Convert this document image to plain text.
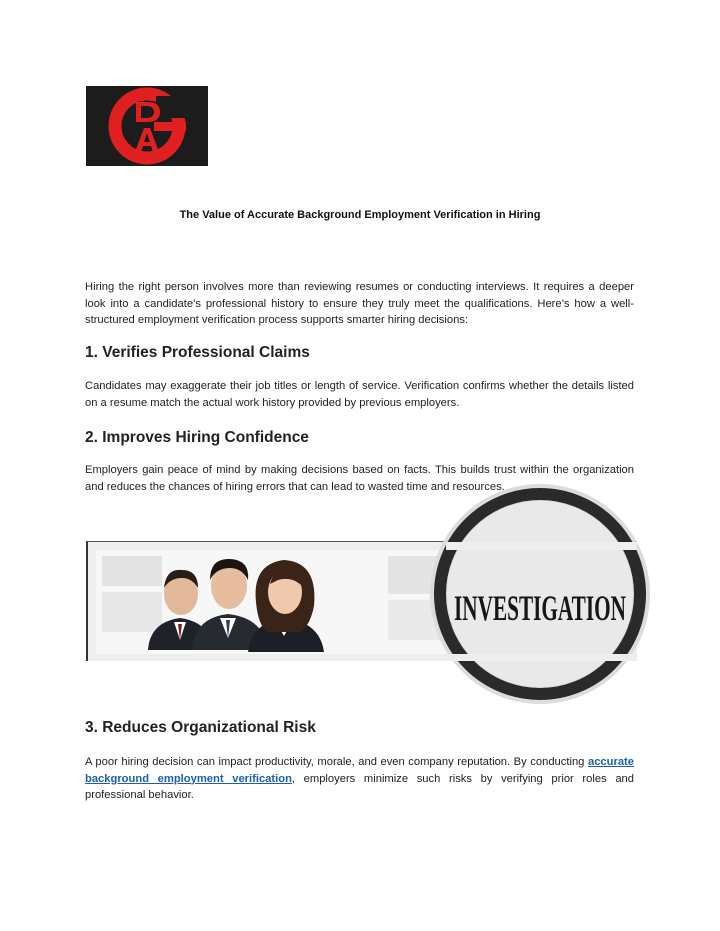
The Value of Accurate Background Employment Verification in Hiring

Hiring the right person involves more than reviewing resumes or conducting interviews. It requires a deeper look into a candidate’s professional history to ensure they truly meet the qualifications. Here’s how a well-structured employment verification process supports smarter hiring decisions:

1. Verifies Professional Claims

Candidates may exaggerate their job titles or length of service. Verification confirms whether the details listed on a resume match the actual work history provided by previous employers.

2. Improves Hiring Confidence

Employers gain peace of mind by making decisions based on facts. This builds trust within the organization and reduces the chances of hiring errors that can lead to wasted time and resources.

INVESTIGATION
3. Reduces Organizational Risk

A poor hiring decision can impact productivity, morale, and even company reputation. By conducting accurate background employment verification, employers minimize such risks by verifying prior roles and professional behavior.
